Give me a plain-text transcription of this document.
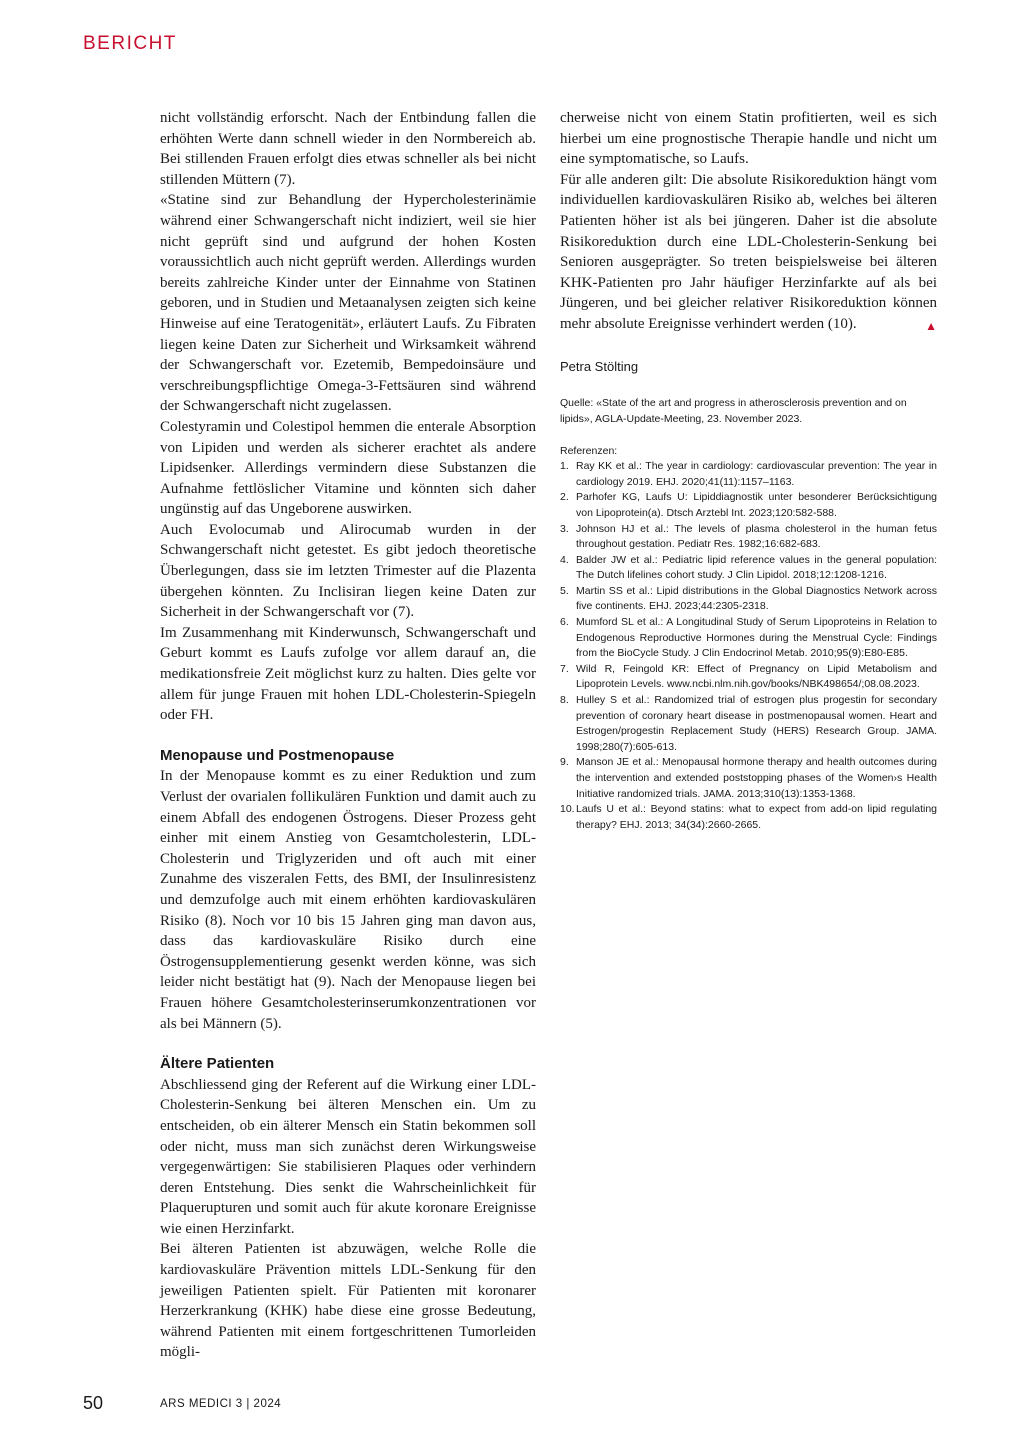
BERICHT

nicht vollständig erforscht. Nach der Entbindung fallen die erhöhten Werte dann schnell wieder in den Normbereich ab. Bei stillenden Frauen erfolgt dies etwas schneller als bei nicht stillenden Müttern (7).

«Statine sind zur Behandlung der Hypercholesterinämie während einer Schwangerschaft nicht indiziert, weil sie hier nicht geprüft sind und aufgrund der hohen Kosten voraussichtlich auch nicht geprüft werden. Allerdings wurden bereits zahlreiche Kinder unter der Einnahme von Statinen geboren, und in Studien und Metaanalysen zeigten sich keine Hinweise auf eine Teratogenität», erläutert Laufs. Zu Fibraten liegen keine Daten zur Sicherheit und Wirksamkeit während der Schwangerschaft vor. Ezetemib, Bempedoinsäure und verschreibungspflichtige Omega-3-Fettsäuren sind während der Schwangerschaft nicht zugelassen.

Colestyramin und Colestipol hemmen die enterale Absorption von Lipiden und werden als sicherer erachtet als andere Lipidsenker. Allerdings vermindern diese Substanzen die Aufnahme fettlöslicher Vitamine und könnten sich daher ungünstig auf das Ungeborene auswirken.

Auch Evolocumab und Alirocumab wurden in der Schwangerschaft nicht getestet. Es gibt jedoch theoretische Überlegungen, dass sie im letzten Trimester auf die Plazenta übergehen könnten. Zu Inclisiran liegen keine Daten zur Sicherheit in der Schwangerschaft vor (7).

Im Zusammenhang mit Kinderwunsch, Schwangerschaft und Geburt kommt es Laufs zufolge vor allem darauf an, die medikationsfreie Zeit möglichst kurz zu halten. Dies gelte vor allem für junge Frauen mit hohen LDL-Cholesterin-Spiegeln oder FH.

Menopause und Postmenopause

In der Menopause kommt es zu einer Reduktion und zum Verlust der ovarialen follikulären Funktion und damit auch zu einem Abfall des endogenen Östrogens. Dieser Prozess geht einher mit einem Anstieg von Gesamtcholesterin, LDL-Cholesterin und Triglyzeriden und oft auch mit einer Zunahme des viszeralen Fetts, des BMI, der Insulinresistenz und demzufolge auch mit einem erhöhten kardiovaskulären Risiko (8). Noch vor 10 bis 15 Jahren ging man davon aus, dass das kardiovaskuläre Risiko durch eine Östrogensupplementierung gesenkt werden könne, was sich leider nicht bestätigt hat (9). Nach der Menopause liegen bei Frauen höhere Gesamtcholesterinserumkonzentrationen vor als bei Männern (5).

Ältere Patienten

Abschliessend ging der Referent auf die Wirkung einer LDL-Cholesterin-Senkung bei älteren Menschen ein. Um zu entscheiden, ob ein älterer Mensch ein Statin bekommen soll oder nicht, muss man sich zunächst deren Wirkungsweise vergegenwärtigen: Sie stabilisieren Plaques oder verhindern deren Entstehung. Dies senkt die Wahrscheinlichkeit für Plaquerupturen und somit auch für akute koronare Ereignisse wie einen Herzinfarkt.

Bei älteren Patienten ist abzuwägen, welche Rolle die kardiovaskuläre Prävention mittels LDL-Senkung für den jeweiligen Patienten spielt. Für Patienten mit koronarer Herzerkrankung (KHK) habe diese eine grosse Bedeutung, während Patienten mit einem fortgeschrittenen Tumorleiden mögli-

cherweise nicht von einem Statin profitierten, weil es sich hierbei um eine prognostische Therapie handle und nicht um eine symptomatische, so Laufs.

Für alle anderen gilt: Die absolute Risikoreduktion hängt vom individuellen kardiovaskulären Risiko ab, welches bei älteren Patienten höher ist als bei jüngeren. Daher ist die absolute Risikoreduktion durch eine LDL-Cholesterin-Senkung bei Senioren ausgeprägter. So treten beispielsweise bei älteren KHK-Patienten pro Jahr häufiger Herzinfarkte auf als bei Jüngeren, und bei gleicher relativer Risikoreduktion können mehr absolute Ereignisse verhindert werden (10).	▲

Petra Stölting
Quelle: «State of the art and progress in atherosclerosis prevention and on lipids», AGLA-Update-Meeting, 23. November 2023.
Referenzen:
1. Ray KK et al.: The year in cardiology: cardiovascular prevention: The year in cardiology 2019. EHJ. 2020;41(11):1157–1163.
2. Parhofer KG, Laufs U: Lipiddiagnostik unter besonderer Berücksichtigung von Lipoprotein(a). Dtsch Arztebl Int. 2023;120:582-588.
3. Johnson HJ et al.: The levels of plasma cholesterol in the human fetus throughout gestation. Pediatr Res. 1982;16:682-683.
4. Balder JW et al.: Pediatric lipid reference values in the general population: The Dutch lifelines cohort study. J Clin Lipidol. 2018;12:1208-1216.
5. Martin SS et al.: Lipid distributions in the Global Diagnostics Network across five continents. EHJ. 2023;44:2305-2318.
6. Mumford SL et al.: A Longitudinal Study of Serum Lipoproteins in Relation to Endogenous Reproductive Hormones during the Menstrual Cycle: Findings from the BioCycle Study. J Clin Endocrinol Metab. 2010;95(9):E80-E85.
7. Wild R, Feingold KR: Effect of Pregnancy on Lipid Metabolism and Lipoprotein Levels. www.ncbi.nlm.nih.gov/books/NBK498654/;08.08.2023.
8. Hulley S et al.: Randomized trial of estrogen plus progestin for secondary prevention of coronary heart disease in postmenopausal women. Heart and Estrogen/progestin Replacement Study (HERS) Research Group. JAMA. 1998;280(7):605-613.
9. Manson JE et al.: Menopausal hormone therapy and health outcomes during the intervention and extended poststopping phases of the Women›s Health Initiative randomized trials. JAMA. 2013;310(13):1353-1368.
10. Laufs U et al.: Beyond statins: what to expect from add-on lipid regulating therapy? EHJ. 2013; 34(34):2660-2665.
50	ARS MEDICI 3 | 2024
